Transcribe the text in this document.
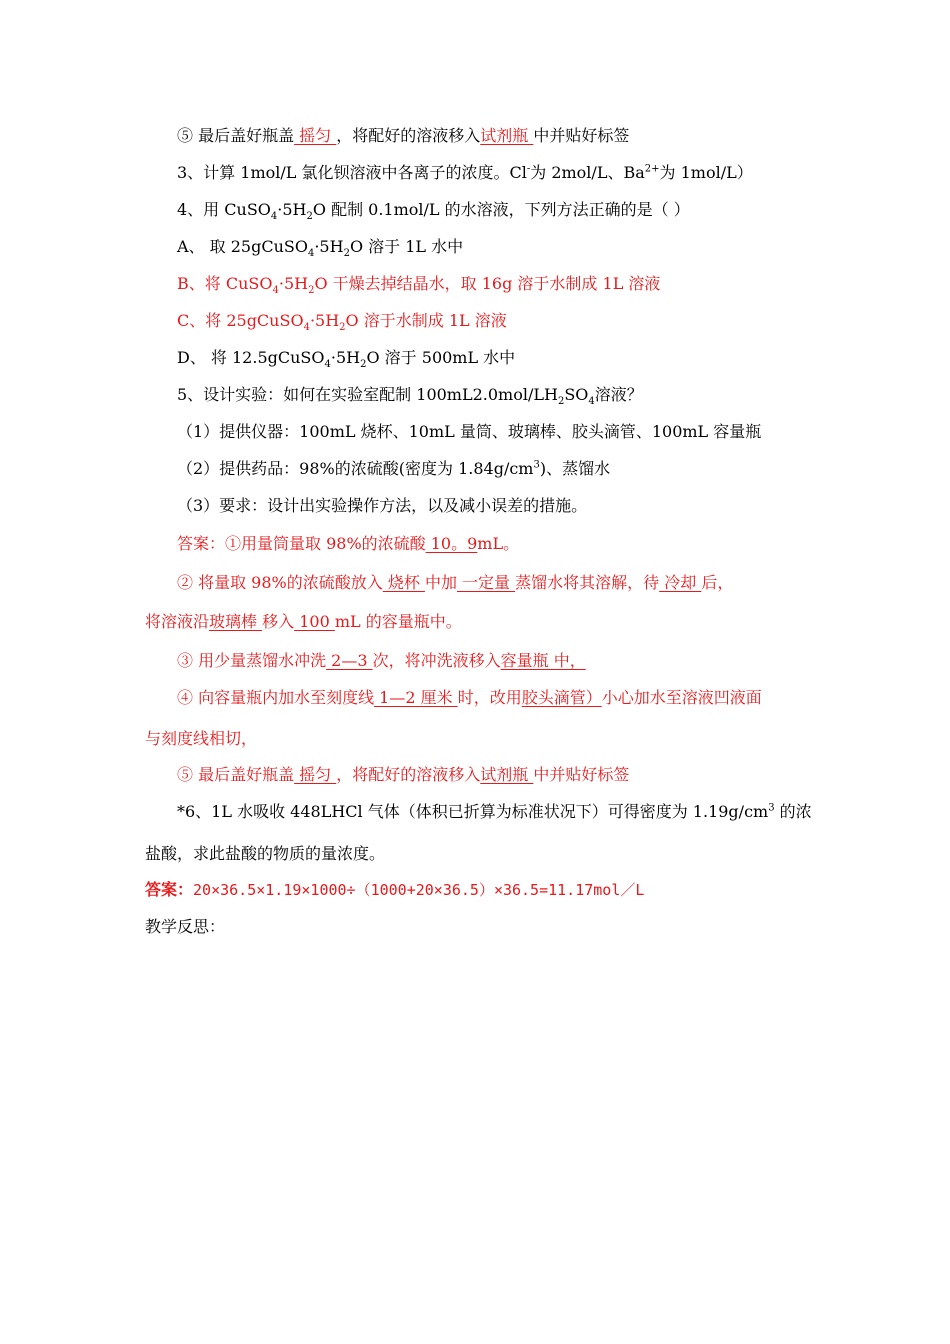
⑤ 最后盖好瓶盖 摇匀 ，将配好的溶液移入试剂瓶 中并贴好标签
3、计算 1mol/L 氯化钡溶液中各离子的浓度。Cl-为 2mol/L、$Ba^{2+}$为 1mol/L）
4、用 $CuSO_4\cdot 5H_2O$ 配制 0.1mol/L 的水溶液，下列方法正确的是（ ）
A、 取 $25gCuSO_4\cdot 5H_2O$ 溶于 1L 水中
B、将 $CuSO_4\cdot 5H_2O$ 干燥去掉结晶水，取 16g 溶于水制成 1L 溶液
C、将 $25gCuSO_4\cdot 5H_2O$ 溶于水制成 1L 溶液
D、 将 $12.5gCuSO_4\cdot 5H_2O$ 溶于 500mL 水中
5、设计实验：如何在实验室配制 $100mL2.0mol/LH_2SO_4$溶液？
（1）提供仪器：100mL 烧杯、10mL 量筒、玻璃棒、胶头滴管、100mL 容量瓶
（2）提供药品：98%的浓硫酸(密度为 $1.84g/cm^3$)、蒸馏水
（3）要求：设计出实验操作方法，以及减小误差的措施。
答案：①用量筒量取 98%的浓硫酸 10。9mL。
② 将量取 98%的浓硫酸放入 烧杯 中加 一定量 蒸馏水将其溶解，待 冷却 后，
将溶液沿玻璃棒 移入 100 mL 的容量瓶中。
③ 用少量蒸馏水冲洗 2—3 次，将冲洗液移入容量瓶 中，
④ 向容量瓶内加水至刻度线 1—2 厘米 时，改用胶头滴管）小心加水至溶液凹液面
与刻度线相切，
⑤ 最后盖好瓶盖 摇匀 ，将配好的溶液移入试剂瓶 中并贴好标签
*6、1L 水吸收 448LHCl 气体（体积已折算为标准状况下）可得密度为 $1.19g/cm^3$ 的浓
盐酸，求此盐酸的物质的量浓度。
答案：20×36.5×1.19×1000÷（1000+20×36.5）×36.5=11.17mol／L
教学反思：
